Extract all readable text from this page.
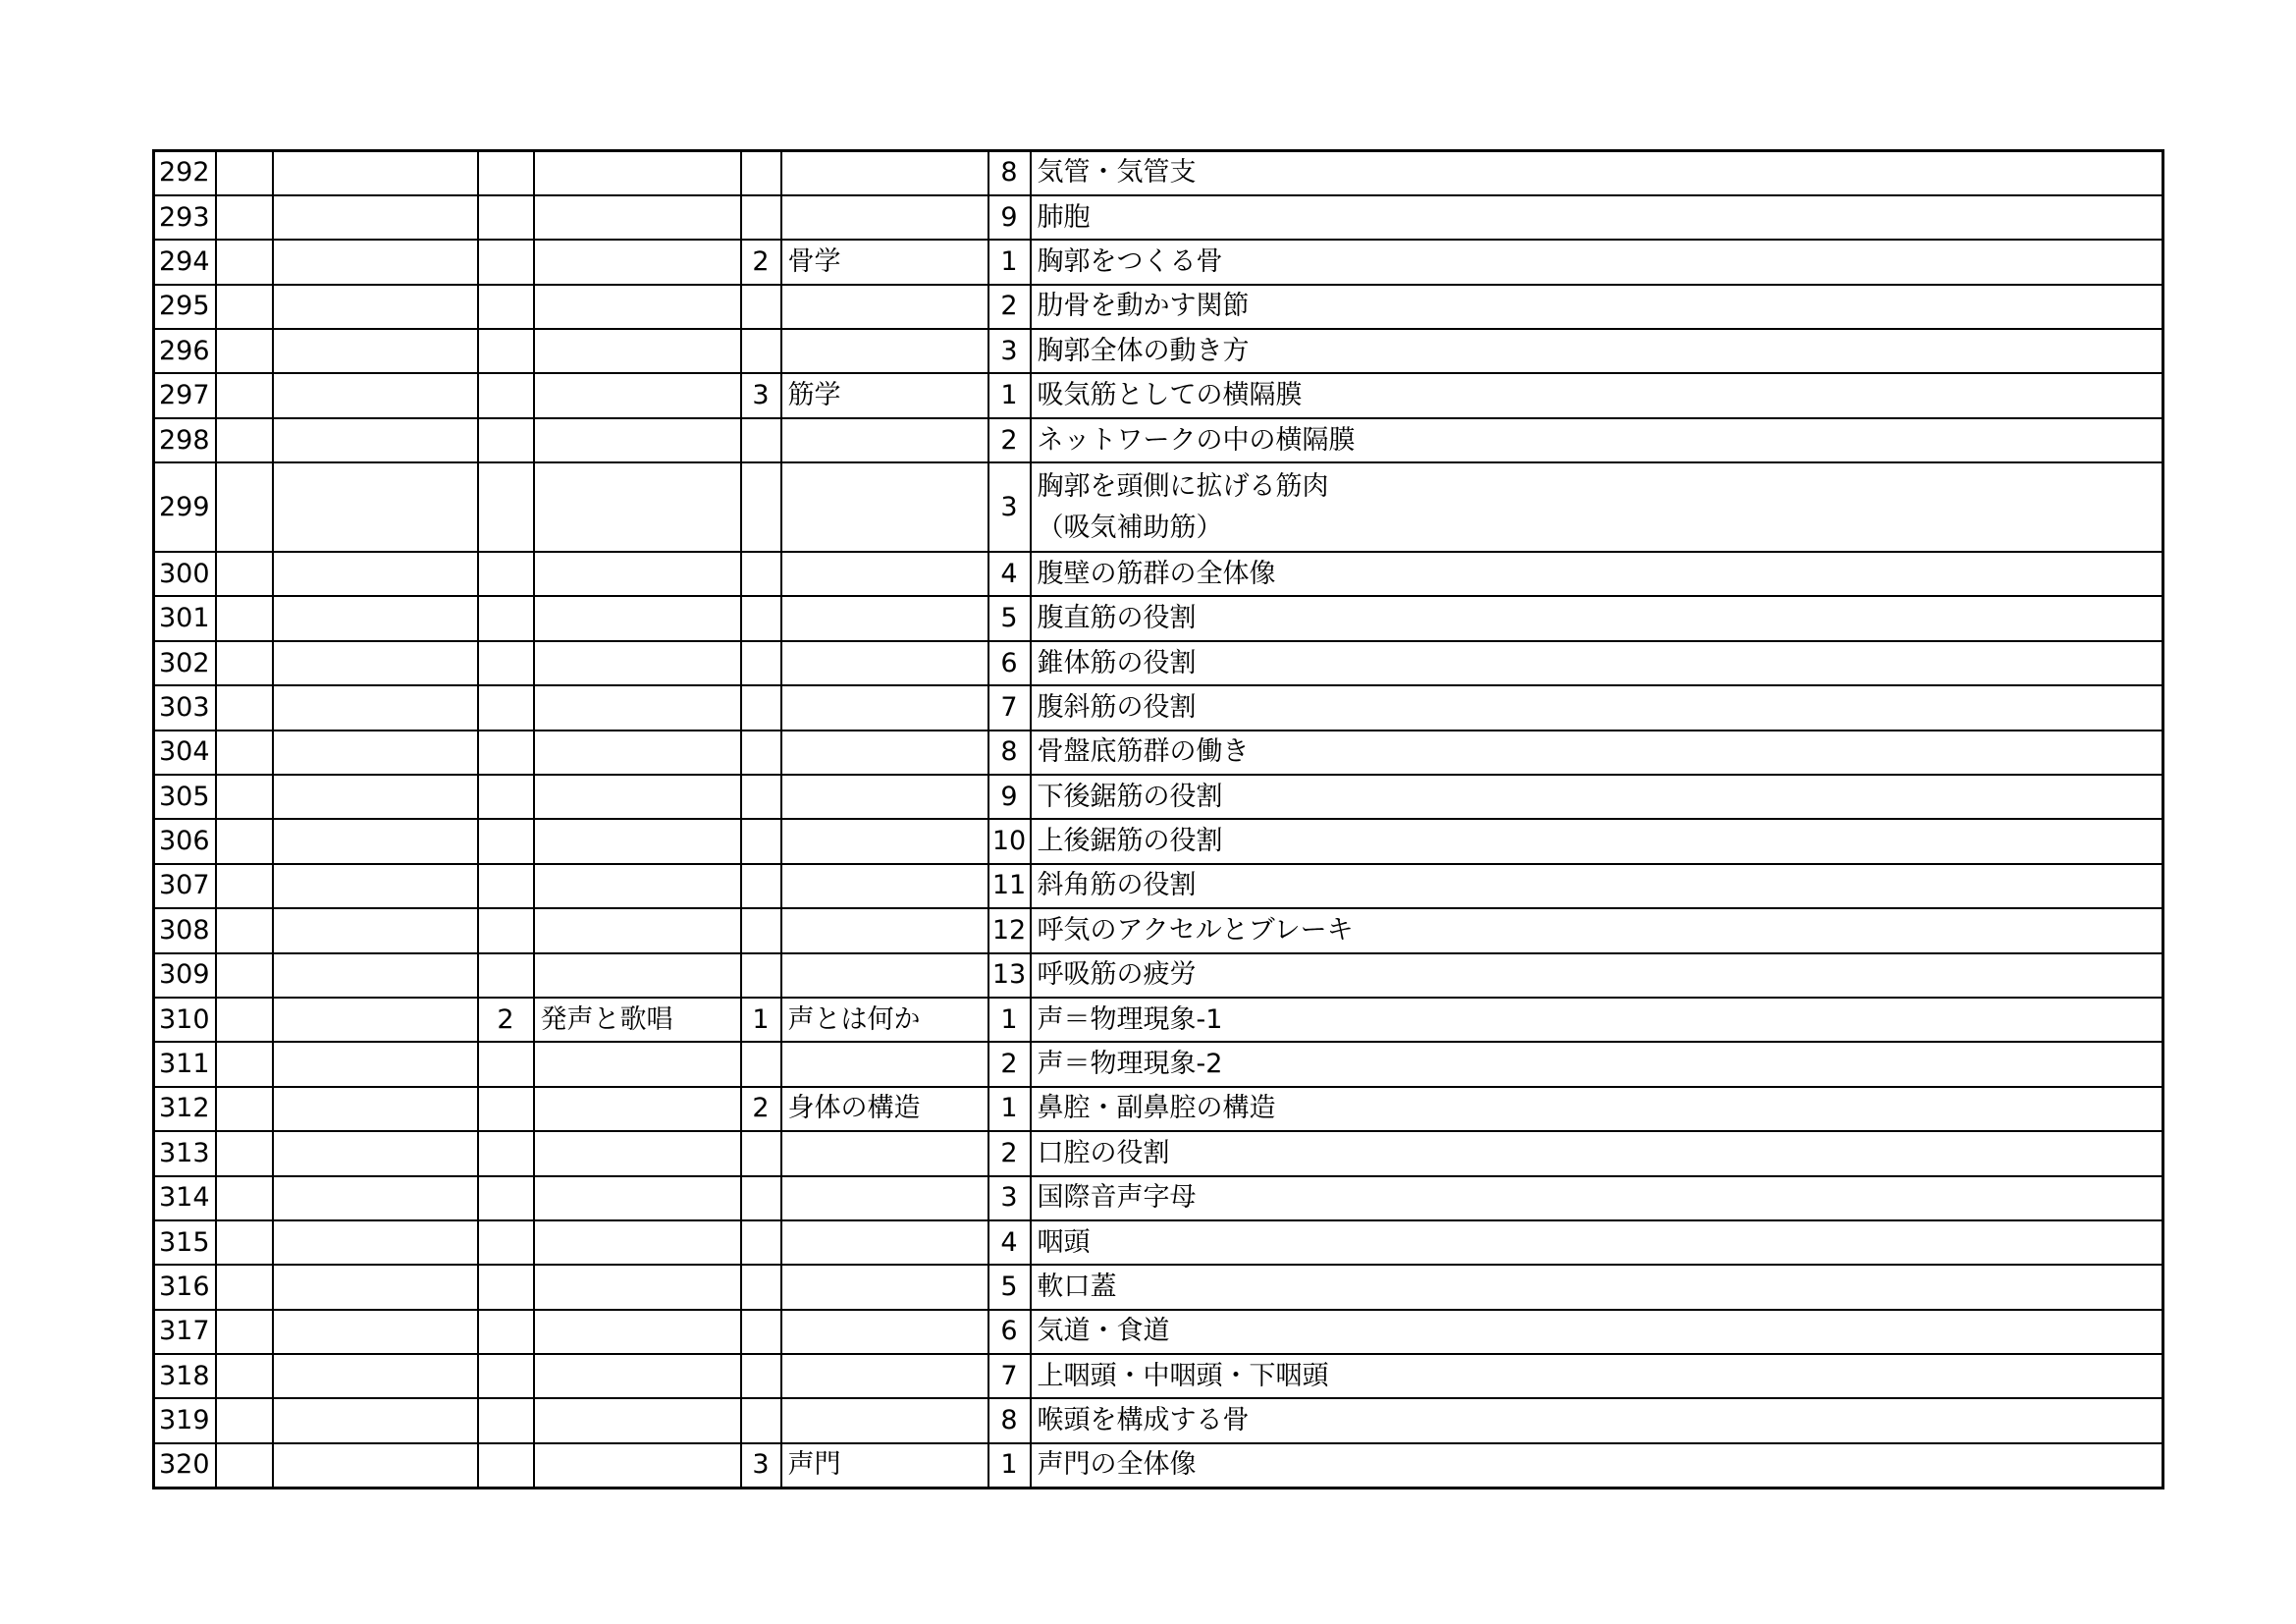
292							8	気管・気管支
293							9	肺胞
294					2	骨学	1	胸郭をつくる骨
295							2	肋骨を動かす関節
296							3	胸郭全体の動き方
297					3	筋学	1	吸気筋としての横隔膜
298							2	ネットワークの中の横隔膜
299							3	胸郭を頭側に拡げる筋肉
（吸気補助筋）
300							4	腹壁の筋群の全体像
301							5	腹直筋の役割
302							6	錐体筋の役割
303							7	腹斜筋の役割
304							8	骨盤底筋群の働き
305							9	下後鋸筋の役割
306							10	上後鋸筋の役割
307							11	斜角筋の役割
308							12	呼気のアクセルとブレーキ
309							13	呼吸筋の疲労
310			2	発声と歌唱	1	声とは何か	1	声＝物理現象-1
311							2	声＝物理現象-2
312					2	身体の構造	1	鼻腔・副鼻腔の構造
313							2	口腔の役割
314							3	国際音声字母
315							4	咽頭
316							5	軟口蓋
317							6	気道・食道
318							7	上咽頭・中咽頭・下咽頭
319							8	喉頭を構成する骨
320					3	声門	1	声門の全体像
